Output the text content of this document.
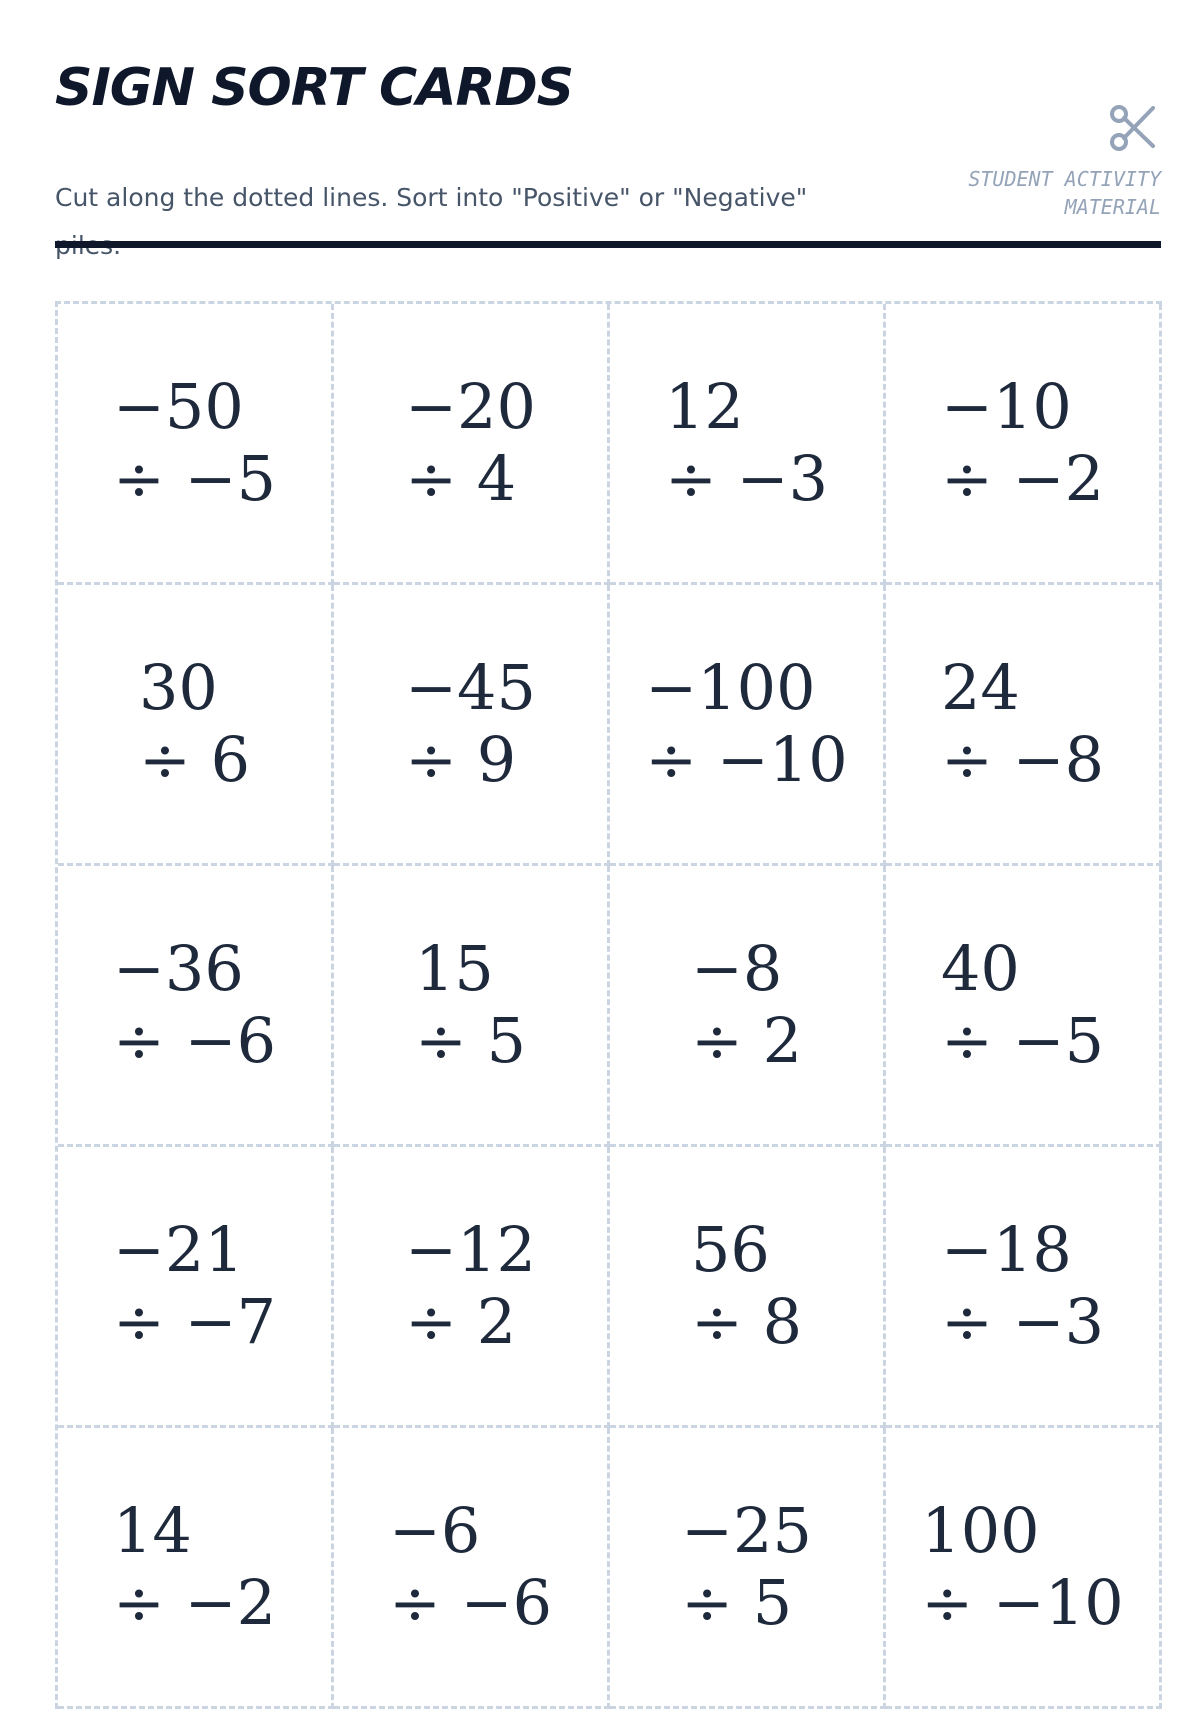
SIGN SORT CARDS

Cut along the dotted lines. Sort into "Positive" or "Negative"

STUDENT ACTIVITY MATERIAL
−50
÷ −5
−20
÷ 4
12
÷ −3
−10
÷ −2
30
÷ 6
−45
÷ 9
−100
÷ −10
24
÷ −8
−36
÷ −6
15
÷ 5
−8
÷ 2
40
÷ −5
−21
÷ −7
−12
÷ 2
56
÷ 8
−18
÷ −3
14
÷ −2
−6
÷ −6
−25
÷ 5
100
÷ −10
